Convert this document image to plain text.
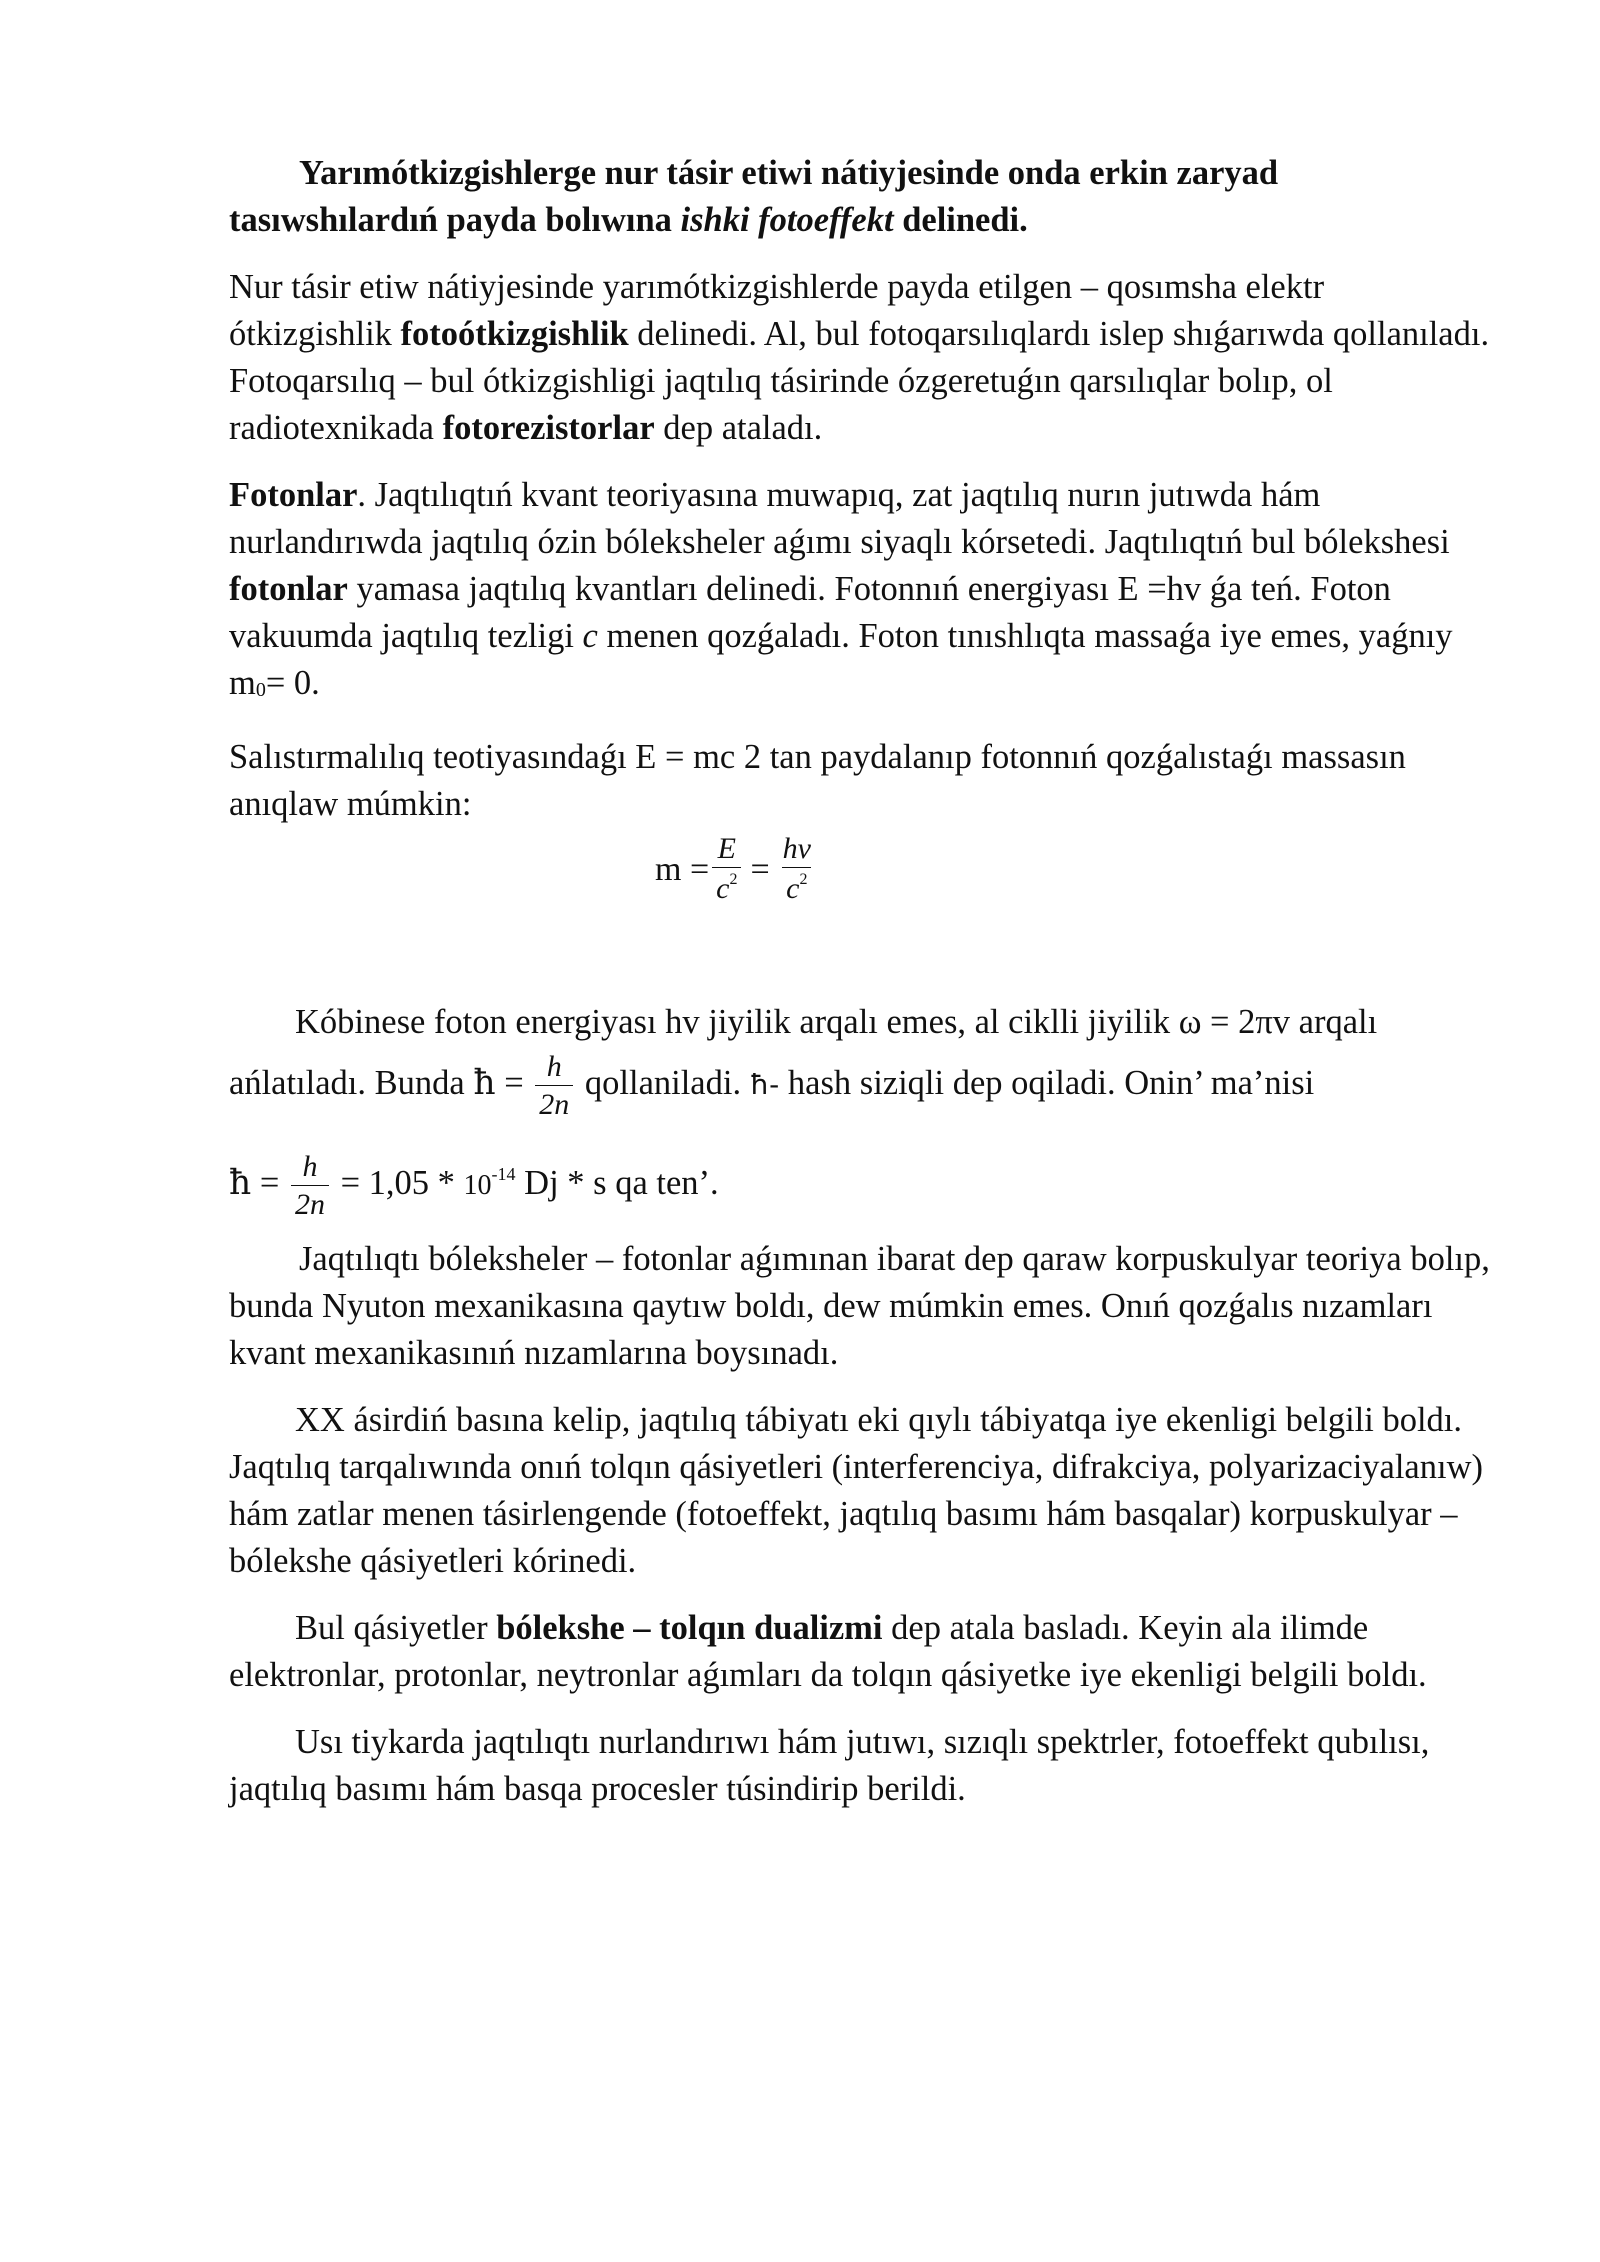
Yarımótkizgishlerge nur tásir etiwi nátiyjesinde onda erkin zaryad tasıwshılardıń payda bolıwına ishki fotoeffekt delinedi.

Nur tásir etiw nátiyjesinde yarımótkizgishlerde payda etilgen – qosımsha elektr ótkizgishlik fotoótkizgishlik delinedi. Al, bul fotoqarsılıqlardı islep shıǵarıwda qollanıladı. Fotoqarsılıq – bul ótkizgishligi jaqtılıq tásirinde ózgeretuǵın qarsılıqlar bolıp, ol radiotexnikada fotorezistorlar dep ataladı.

Fotonlar. Jaqtılıqtıń kvant teoriyasına muwapıq, zat jaqtılıq nurın jutıwda hám nurlandırıwda jaqtılıq ózin bóleksheler aǵımı siyaqlı kórsetedi. Jaqtılıqtıń bul bólekshesi fotonlar yamasa jaqtılıq kvantları delinedi. Fotonnıń energiyası E =hv ǵa teń. Foton vakuumda jaqtılıq tezligi c menen qozǵaladı. Foton tınıshlıqta massaǵa iye emes, yaǵnıy m0= 0.

Salıstırmalılıq teotiyasındaǵı E = mc 2 tan paydalanıp fotonnıń qozǵalıstaǵı massasın anıqlaw múmkin:

$m = \frac{E}{c^2} = \frac{hv}{c^2}$

Kóbinese foton energiyası hv jiyilik arqalı emes, al ciklli jiyilik ω = 2πv arqalı ańlatıladı. Bunda ħ = $\frac{h}{2n}$ qollaniladi. ħ- hash siziqli dep oqiladi. Onin’ ma’nisi

ħ = $\frac{h}{2n} = 1,05 * 10^{-14}$ Dj * s qa ten’.

Jaqtılıqtı bóleksheler – fotonlar aǵımınan ibarat dep qaraw korpuskulyar teoriya bolıp, bunda Nyuton mexanikasına qaytıw boldı, dew múmkin emes. Onıń qozǵalıs nızamları kvant mexanikasınıń nızamlarına boysınadı.

XX ásirdiń basına kelip, jaqtılıq tábiyatı eki qıylı tábiyatqa iye ekenligi belgili boldı. Jaqtılıq tarqalıwında onıń tolqın qásiyetleri (interferenciya, difrakciya, polyarizaciyalanıw) hám zatlar menen tásirlengende (fotoeffekt, jaqtılıq basımı hám basqalar) korpuskulyar – bólekshe qásiyetleri kórinedi.

Bul qásiyetler bólekshe – tolqın dualizmi dep atala basladı. Keyin ala ilimde elektronlar, protonlar, neytronlar aǵımları da tolqın qásiyetke iye ekenligi belgili boldı.

Usı tiykarda jaqtılıqtı nurlandırıwı hám jutıwı, sızıqlı spektrler, fotoeffekt qubılısı, jaqtılıq basımı hám basqa procesler túsindirip berildi.
